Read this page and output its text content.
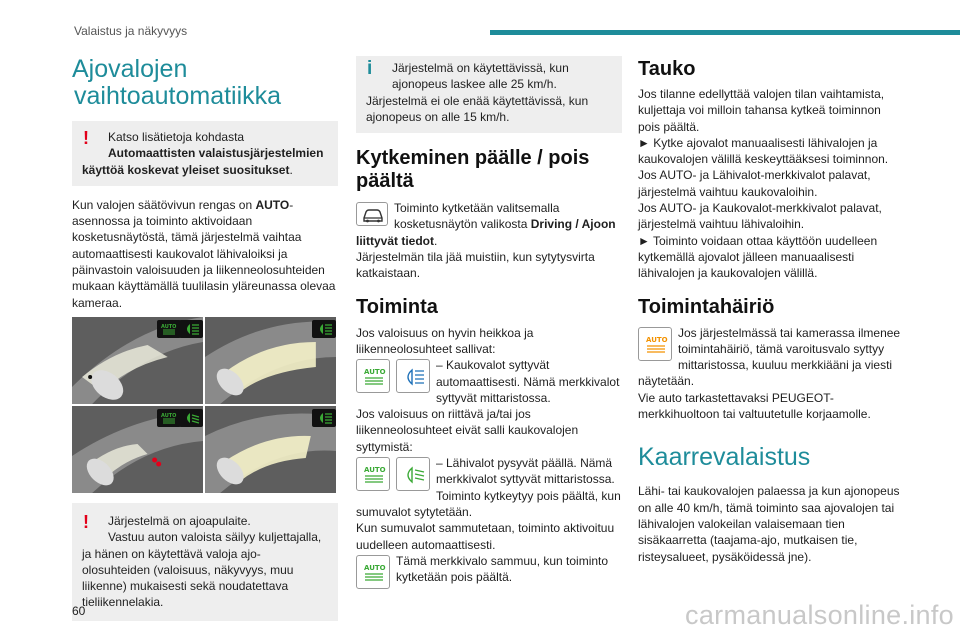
Valaistus ja näkyvyys
Ajovalojen
vaihtoautomatiikka
!	Katso lisätietoja kohdasta

Automaattisten valaistusjärjestelmien käyttöä koskevat yleiset suositukset.

Kun valojen säätövivun rengas on AUTO-asennossa ja toiminto aktivoidaan kosketusnäytöstä, tämä järjestelmä vaihtaa automaattisesti kaukovalot lähivaloiksi ja päinvastoin valoisuuden ja liikenneolosuhteiden mukaan käyttämällä tuulilasin yläreunassa olevaa kameraa.

AUTO
AUTO
!	Järjestelmä on ajoapulaite.

Vastuu auton valoista säilyy kuljettajalla, ja hänen on käytettävä valoja ajo-olosuhteiden (valoisuus, näkyvyys, muu liikenne) mukaisesti sekä noudatettava tieliikennelakia.

i	Järjestelmä on käytettävissä, kun ajonopeus laskee alle 25 km/h.

Järjestelmä ei ole enää käytettävissä, kun ajonopeus on alle 15 km/h.

Kytkeminen päälle / pois päältä

Toiminto kytketään valitsemalla kosketusnäytön valikosta Driving / Ajoon liittyvät tiedot.

Järjestelmän tila jää muistiin, kun sytytysvirta katkaistaan.

Toiminta

Jos valoisuus on hyvin heikkoa ja liikenneolosuhteet sallivat:

AUTO	– Kaukovalot syttyvät automaattisesti. Nämä merkkivalot syttyvät mittaristossa.

Jos valoisuus on riittävä ja/tai jos liikenneolosuhteet eivät salli kaukovalojen syttymistä:

AUTO	– Lähivalot pysyvät päällä. Nämä merkkivalot syttyvät mittaristossa.

Toiminto kytkeytyy pois päältä, kun sumuvalot sytytetään.

Kun sumuvalot sammutetaan, toiminto aktivoituu uudelleen automaattisesti.

AUTO Tämä merkkivalo sammuu, kun toiminto kytketään pois päältä.

Tauko

Jos tilanne edellyttää valojen tilan vaihtamista, kuljettaja voi milloin tahansa kytkeä toiminnon pois päältä.

► Kytke ajovalot manuaalisesti lähivalojen ja kaukovalojen välillä keskeyttääksesi toiminnon.

Jos AUTO- ja Lähivalot-merkkivalot palavat, järjestelmä vaihtuu kaukovaloihin.

Jos AUTO- ja Kaukovalot-merkkivalot palavat, järjestelmä vaihtuu lähivaloihin.

► Toiminto voidaan ottaa käyttöön uudelleen kytkemällä ajovalot jälleen manuaalisesti lähivalojen ja kaukovalojen välillä.

Toimintahäiriö
AUTO Jos järjestelmässä tai kamerassa ilmenee toimintahäiriö, tämä varoitusvalo syttyy mittaristossa, kuuluu merkkiääni ja viesti näytetään.

Vie auto tarkastettavaksi PEUGEOT-merkkihuoltoon tai valtuutetulle korjaamolle.

Kaarrevalaistus

Lähi- tai kaukovalojen palaessa ja kun ajonopeus on alle 40 km/h, tämä toiminto saa ajovalojen tai lähivalojen valokeilan valaisemaan tien sisäkaarretta (taajama-ajo, mutkaisen tie, risteysalueet, pysäköidessä jne).

60	carmanualsonline.info
